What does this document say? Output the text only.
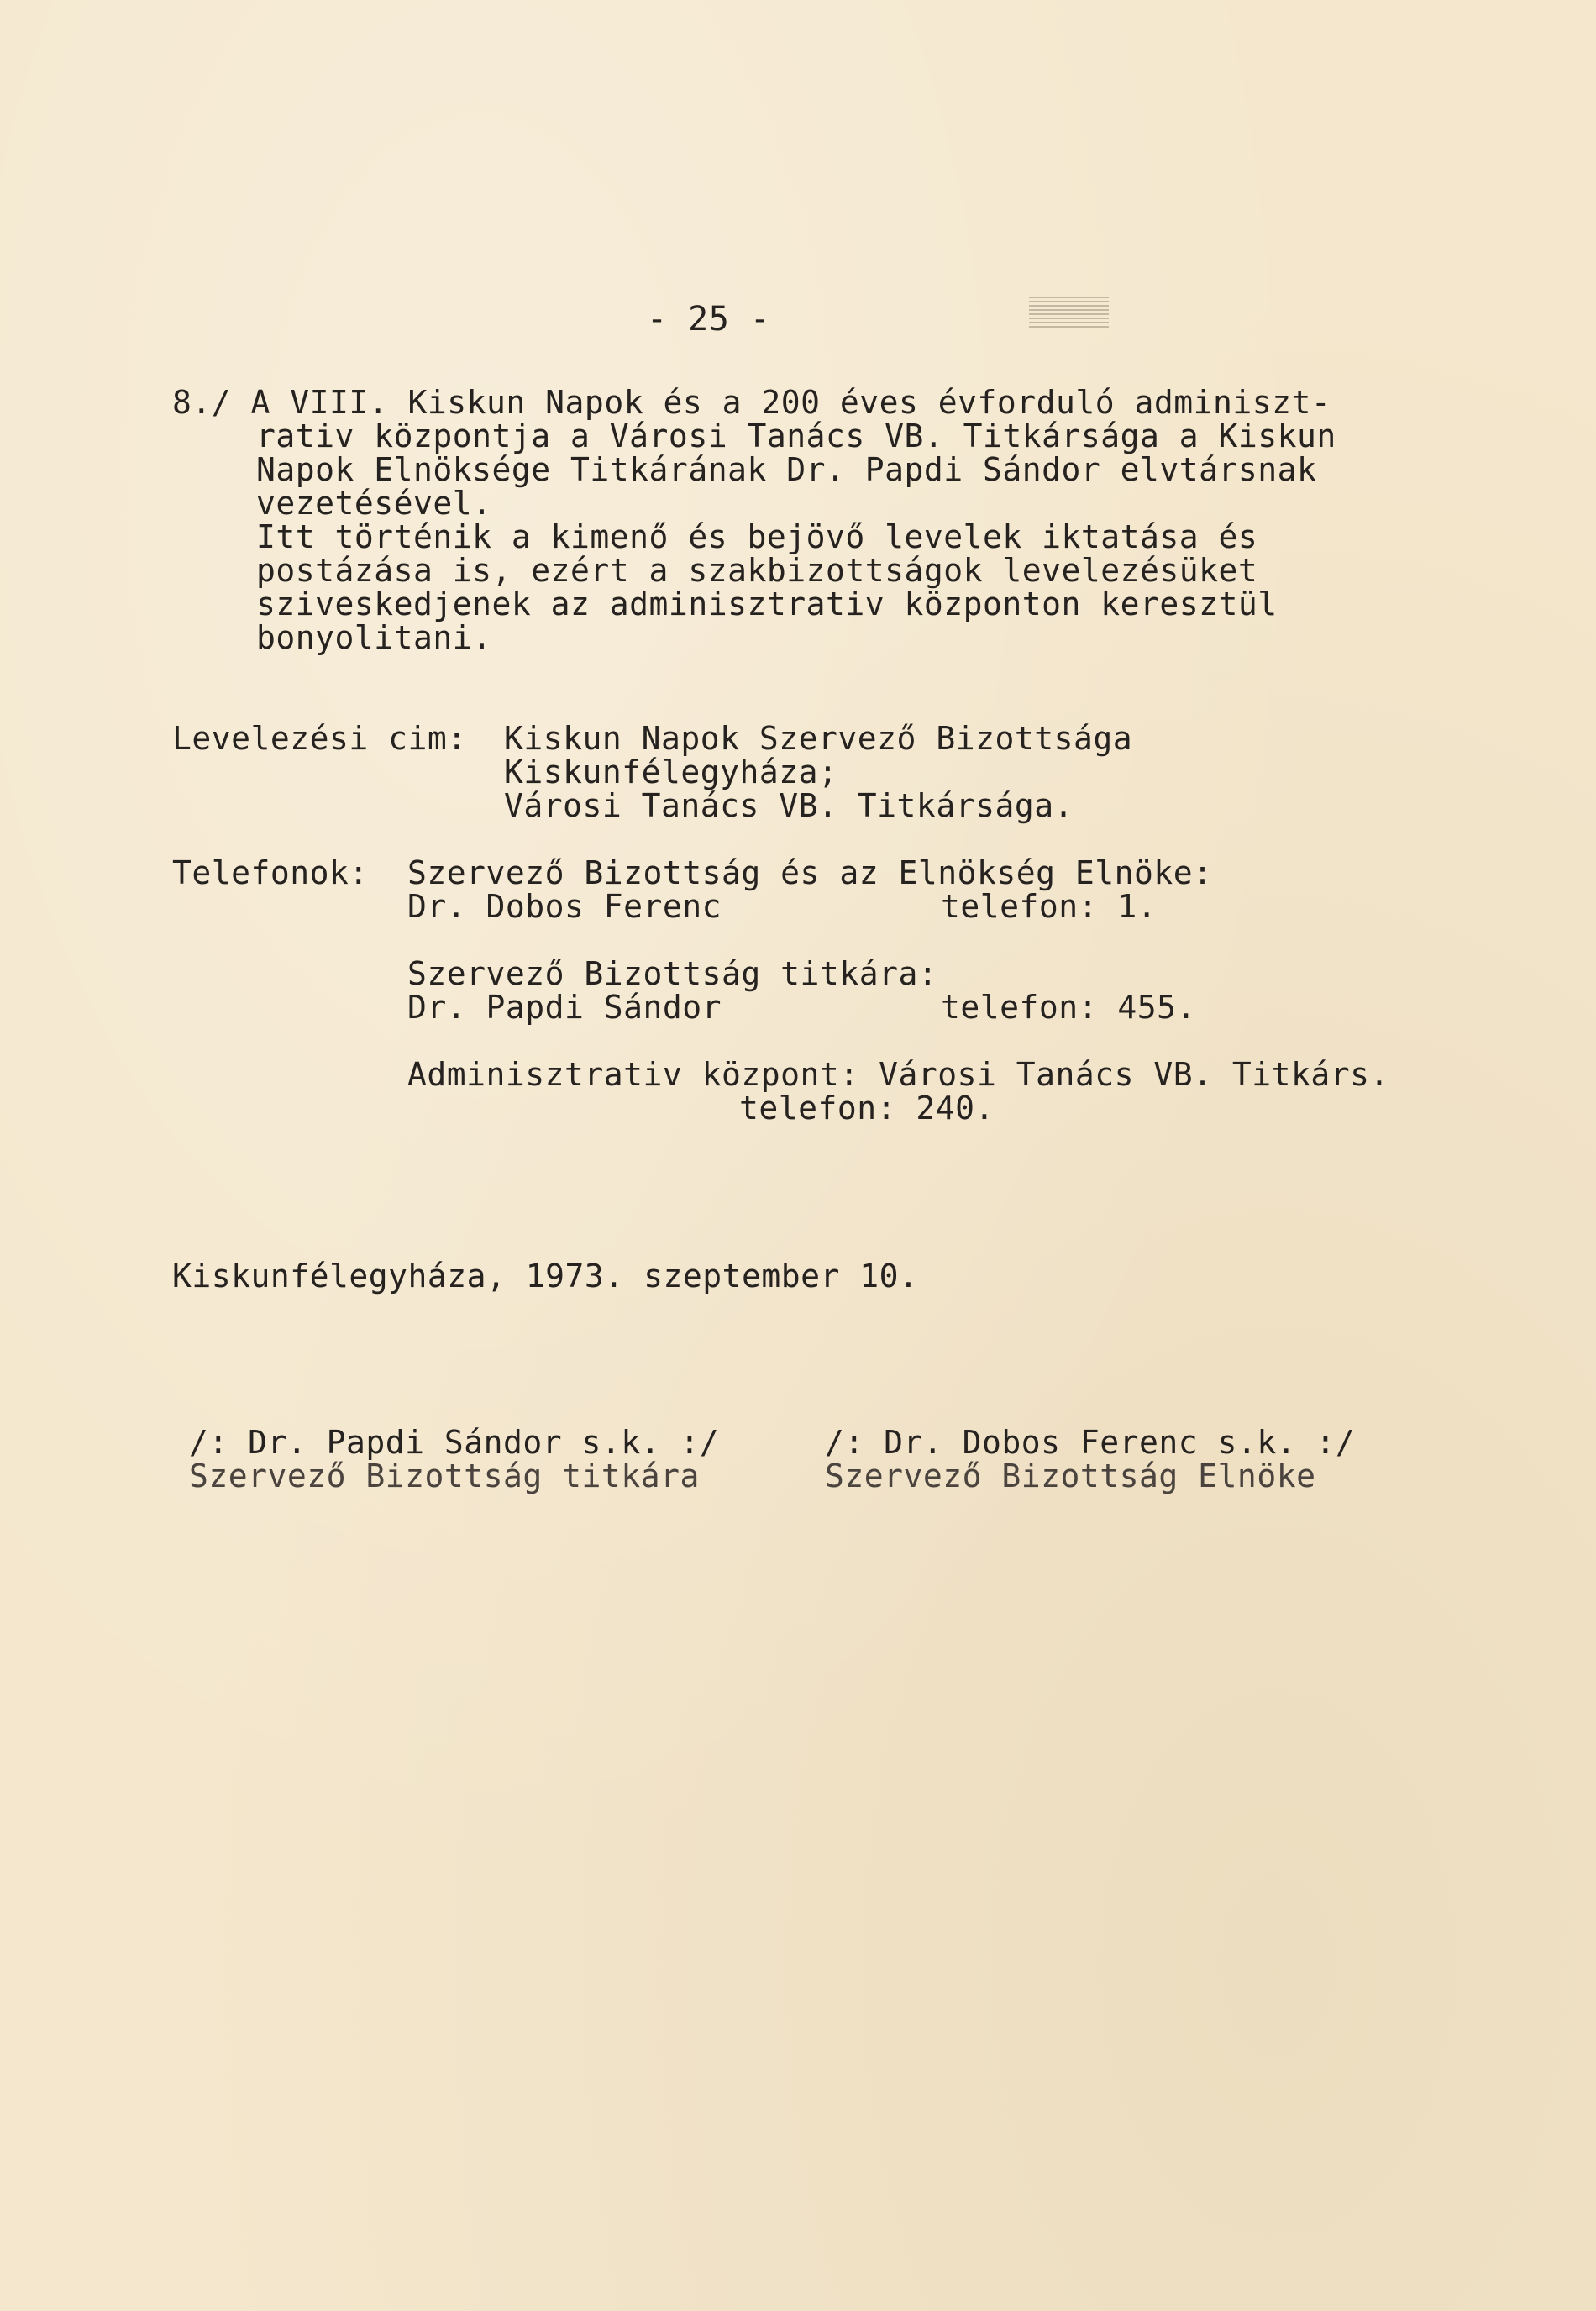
- 25 -
8./ A VIII. Kiskun Napok és a 200 éves évforduló adminiszt-
rativ központja a Városi Tanács VB. Titkársága a Kiskun
Napok Elnöksége Titkárának Dr. Papdi Sándor elvtársnak
vezetésével.
Itt történik a kimenő és bejövő levelek iktatása és
postázása is, ezért a szakbizottságok levelezésüket
sziveskedjenek az adminisztrativ központon keresztül
bonyolitani.
Levelezési cim: Kiskun Napok Szervező Bizottsága
Kiskunfélegyháza;
Városi Tanács VB. Titkársága.
Telefonok: Szervező Bizottság és az Elnökség Elnöke:
Dr. Dobos Ferenc	telefon: 1.
Szervező Bizottság titkára:
Dr. Papdi Sándor	telefon: 455.
Adminisztrativ központ: Városi Tanács VB. Titkárs.
telefon: 240.
Kiskunfélegyháza, 1973. szeptember 10.
/: Dr. Papdi Sándor s.k. :/
Szervező Bizottság titkára
/: Dr. Dobos Ferenc s.k. :/
Szervező Bizottság Elnöke
